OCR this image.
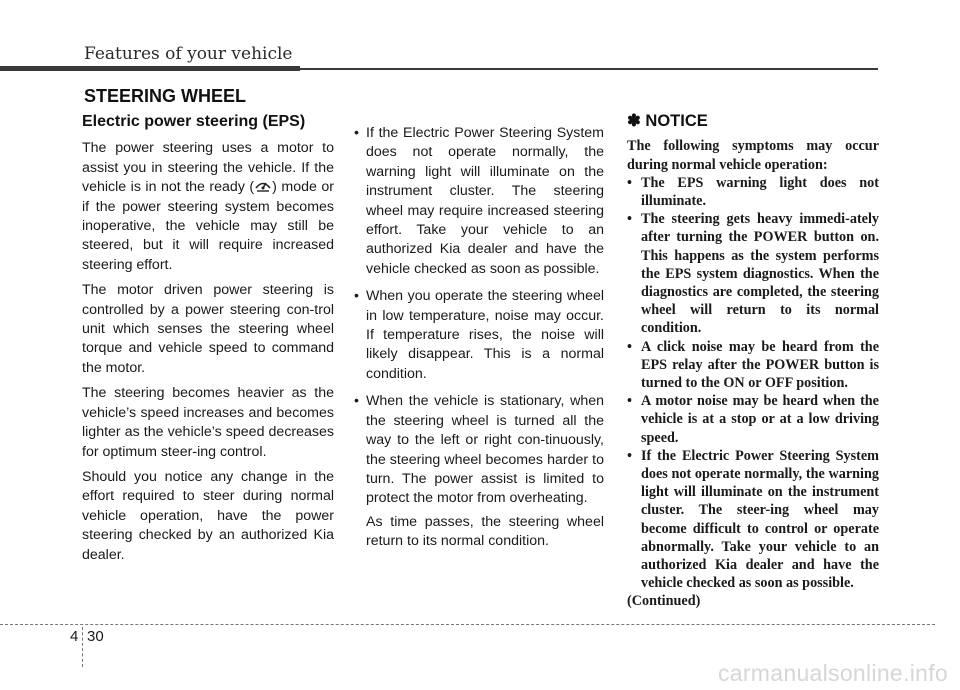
Features of your vehicle
STEERING WHEEL
Electric power steering (EPS)

The power steering uses a motor to assist you in steering the vehicle. If the vehicle is in not the ready ( ) mode or if the power steering system becomes inoperative, the vehicle may still be steered, but it will require increased steering effort.

The motor driven power steering is controlled by a power steering con-trol unit which senses the steering wheel torque and vehicle speed to command the motor.

The steering becomes heavier as the vehicle’s speed increases and becomes lighter as the vehicle’s speed decreases for optimum steer-ing control.

Should you notice any change in the effort required to steer during normal vehicle operation, have the power steering checked by an authorized Kia dealer.

• If the Electric Power Steering System does not operate normally, the warning light will illuminate on the instrument cluster. The steering wheel may require increased steering effort. Take your vehicle to an authorized Kia dealer and have the vehicle checked as soon as possible.
• When you operate the steering wheel in low temperature, noise may occur. If temperature rises, the noise will likely disappear. This is a normal condition.
• When the vehicle is stationary, when the steering wheel is turned all the way to the left or right con-tinuously, the steering wheel becomes harder to turn. The power assist is limited to protect the motor from overheating.

As time passes, the steering wheel return to its normal condition.

✽ NOTICE

The following symptoms may occur during normal vehicle operation:

• The EPS warning light does not illuminate.
• The steering gets heavy immedi-ately after turning the POWER button on. This happens as the system performs the EPS system diagnostics. When the diagnostics are completed, the steering wheel will return to its normal condition.
• A click noise may be heard from the EPS relay after the POWER button is turned to the ON or OFF position.
• A motor noise may be heard when the vehicle is at a stop or at a low driving speed.
• If the Electric Power Steering System does not operate normally, the warning light will illuminate on the instrument cluster. The steer-ing wheel may become difficult to control or operate abnormally. Take your vehicle to an authorized Kia dealer and have the vehicle checked as soon as possible.

(Continued)

4 30
carmanualsonline.info
